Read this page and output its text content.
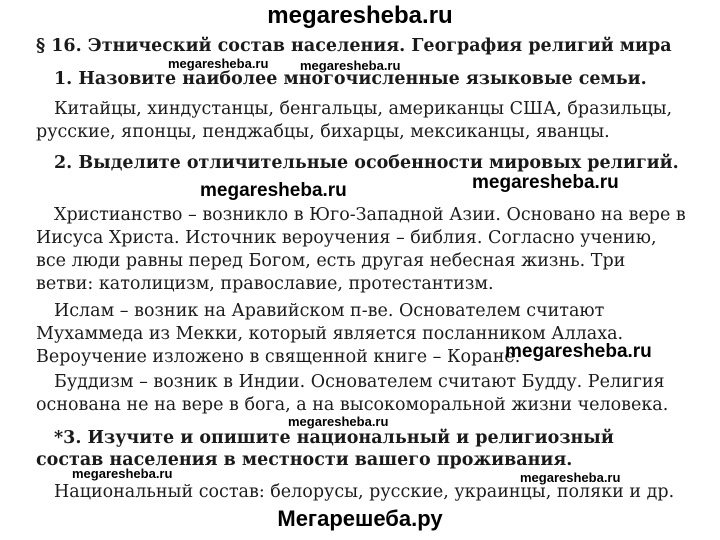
megaresheba.ru
§ 16. Этнический состав населения. География религий мира
1. Назовите наиболее многочисленные языковые семьи.
Китайцы, хиндустанцы, бенгальцы, американцы США, бразильцы, русские, японцы, пенджабцы, бихарцы, мексиканцы, яванцы.
2. Выделите отличительные особенности мировых религий.
Христианство – возникло в Юго-Западной Азии. Основано на вере в Иисуса Христа. Источник вероучения – библия. Согласно учению, все люди равны перед Богом, есть другая небесная жизнь. Три ветви: католицизм, православие, протестантизм.
Ислам – возник на Аравийском п-ве. Основателем считают Мухаммеда из Мекки, который является посланником Аллаха. Вероучение изложено в священной книге – Коране.
Буддизм – возник в Индии. Основателем считают Будду. Религия основана не на вере в бога, а на высокоморальной жизни человека.
*3. Изучите и опишите национальный и религиозный состав населения в местности вашего проживания.
Национальный состав: белорусы, русские, украинцы, поляки и др.
megaresheba.ru megaresheba.ru
megaresheba.ru	megaresheba.ru
megaresheba.ru
megaresheba.ru
megaresheba.ru	megaresheba.ru
Мегарешеба.ру
